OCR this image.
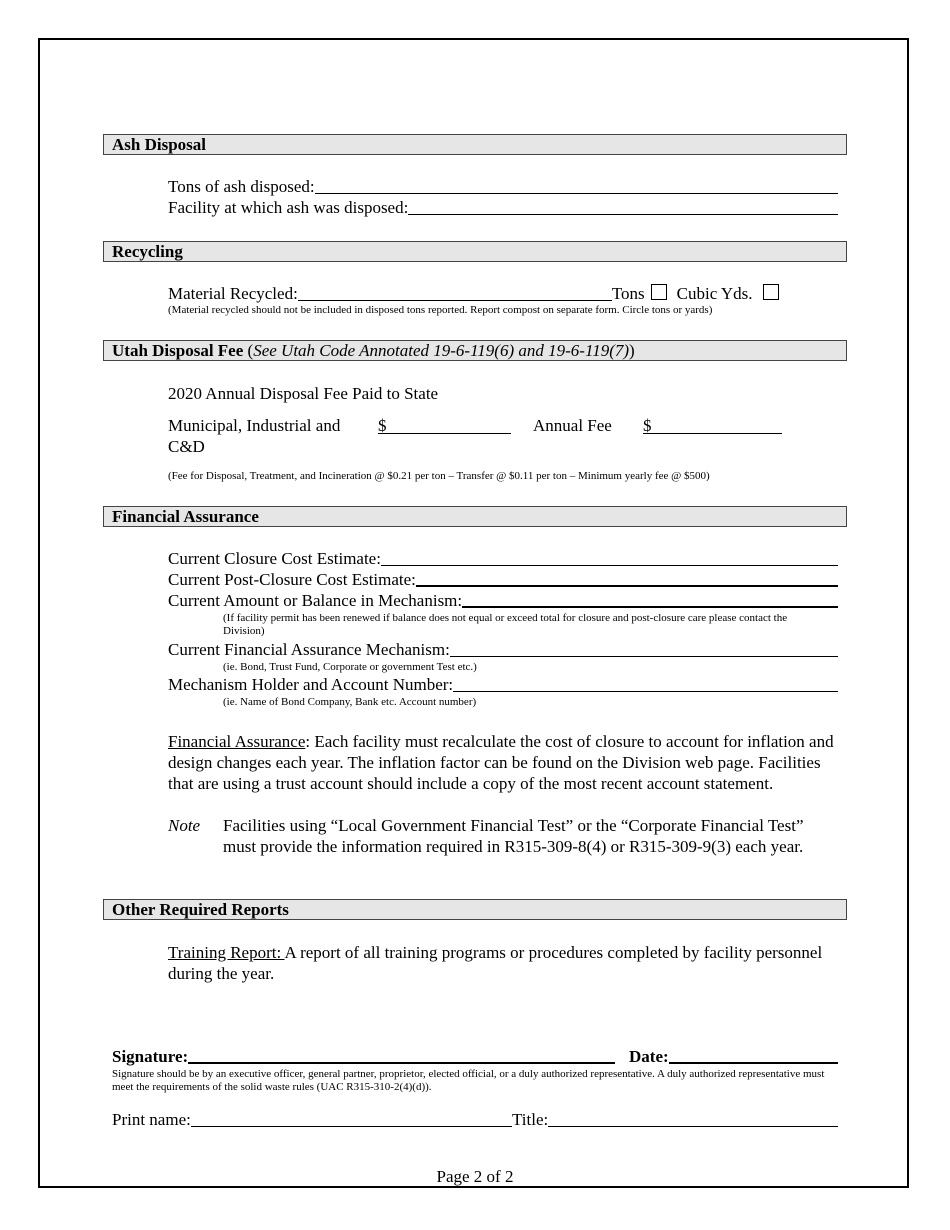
Ash Disposal
Tons of ash disposed:
Facility at which ash was disposed:
Recycling
Material Recycled:	Tons Cubic Yds.
(Material recycled should not be included in disposed tons reported. Report compost on separate form. Circle tons or yards)
Utah Disposal Fee (See Utah Code Annotated 19-6-119(6) and 19-6-119(7))
2020 Annual Disposal Fee Paid to State
Municipal, Industrial and
C&D
$	Annual Fee $
(Fee for Disposal, Treatment, and Incineration @ $0.21 per ton – Transfer @ $0.11 per ton – Minimum yearly fee @ $500)
Financial Assurance
Current Closure Cost Estimate:
Current Post-Closure Cost Estimate:
Current Amount or Balance in Mechanism:
(If facility permit has been renewed if balance does not equal or exceed total for closure and post-closure care please contact the Division)
Current Financial Assurance Mechanism:
(ie. Bond, Trust Fund, Corporate or government Test etc.)
Mechanism Holder and Account Number:
(ie. Name of Bond Company, Bank etc. Account number)
Financial Assurance: Each facility must recalculate the cost of closure to account for inflation and design changes each year. The inflation factor can be found on the Division web page. Facilities that are using a trust account should include a copy of the most recent account statement.
Note Facilities using “Local Government Financial Test” or the “Corporate Financial Test” must provide the information required in R315-309-8(4) or R315-309-9(3) each year.
Other Required Reports
Training Report: A report of all training programs or procedures completed by facility personnel during the year.
Signature:	Date:
Signature should be by an executive officer, general partner, proprietor, elected official, or a duly authorized representative. A duly authorized representative must meet the requirements of the solid waste rules (UAC R315-310-2(4)(d)).
Print name:	Title:
Page 2 of 2
